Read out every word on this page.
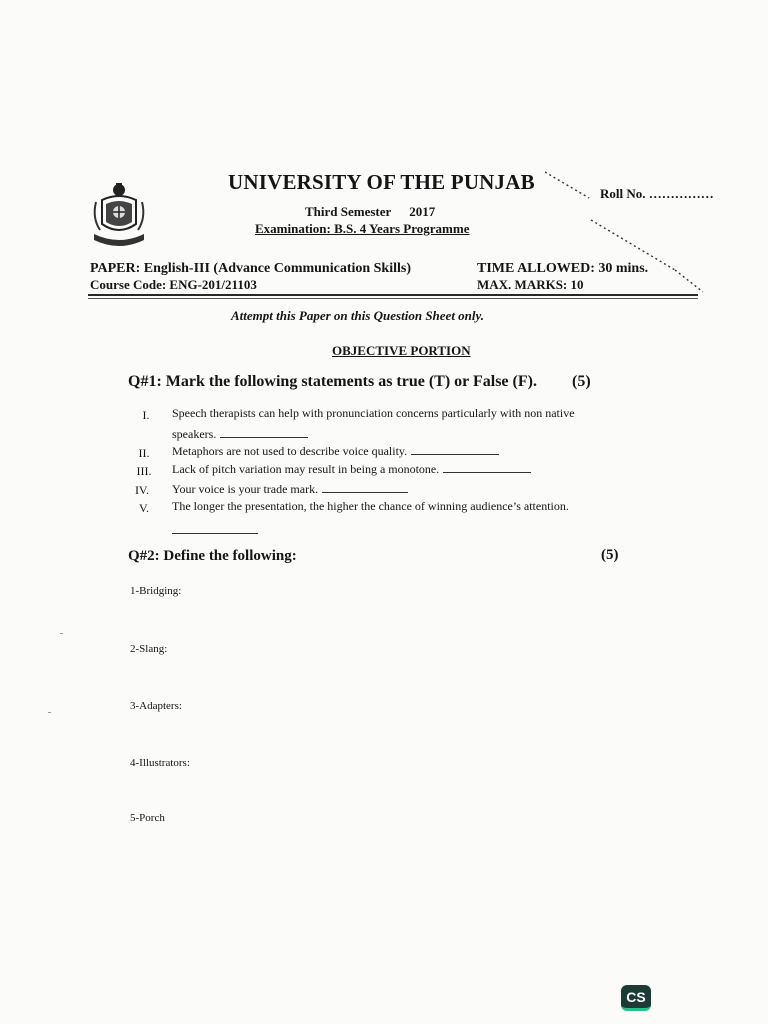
UNIVERSITY OF THE PUNJAB	Roll No. ……………
Third Semester 2017
Examination: B.S. 4 Years Programme
PAPER: English-III (Advance Communication Skills)	TIME ALLOWED: 30 mins.
Course Code: ENG-201/21103	MAX. MARKS: 10
Attempt this Paper on this Question Sheet only.
OBJECTIVE PORTION
Q#1: Mark the following statements as true (T) or False (F). (5)
I.	Speech therapists can help with pronunciation concerns particularly with non native
speakers.
II.	Metaphors are not used to describe voice quality.
III.	Lack of pitch variation may result in being a monotone.
IV.	Your voice is your trade mark.
V.	The longer the presentation, the higher the chance of winning audience’s attention.
Q#2: Define the following:	(5)
1-Bridging:
2-Slang:
3-Adapters:
4-Illustrators:
5-Porch
CS
